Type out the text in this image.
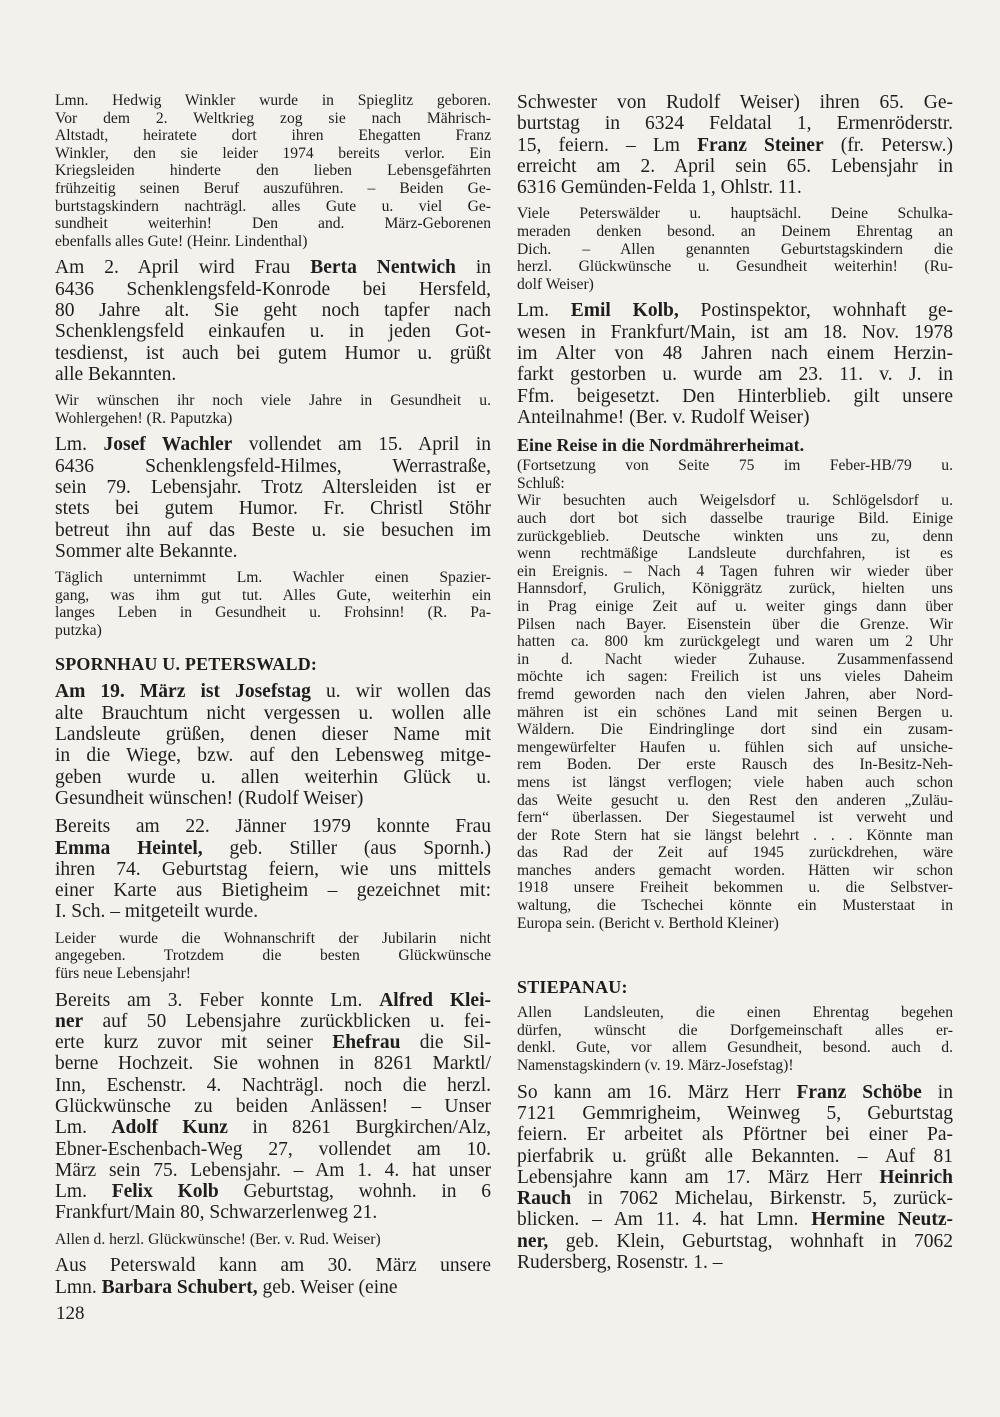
Lmn. Hedwig Winkler wurde in Spieglitz geboren.
Vor dem 2. Weltkrieg zog sie nach Mährisch-
Altstadt, heiratete dort ihren Ehegatten Franz
Winkler, den sie leider 1974 bereits verlor. Ein
Kriegsleiden hinderte den lieben Lebensgefährten
frühzeitig seinen Beruf auszuführen. – Beiden Ge-
burtstagskindern nachträgl. alles Gute u. viel Ge-
sundheit weiterhin! Den and. März-Geborenen
ebenfalls alles Gute! (Heinr. Lindenthal)
Am 2. April wird Frau Berta Nentwich in
6436 Schenklengsfeld-Konrode bei Hersfeld,
80 Jahre alt. Sie geht noch tapfer nach
Schenklengsfeld einkaufen u. in jeden Got-
tesdienst, ist auch bei gutem Humor u. grüßt
alle Bekannten.
Wir wünschen ihr noch viele Jahre in Gesundheit u.
Wohlergehen! (R. Paputzka)
Lm. Josef Wachler vollendet am 15. April in
6436 Schenklengsfeld-Hilmes, Werrastraße,
sein 79. Lebensjahr. Trotz Altersleiden ist er
stets bei gutem Humor. Fr. Christl Stöhr
betreut ihn auf das Beste u. sie besuchen im
Sommer alte Bekannte.
Täglich unternimmt Lm. Wachler einen Spazier-
gang, was ihm gut tut. Alles Gute, weiterhin ein
langes Leben in Gesundheit u. Frohsinn! (R. Pa-
putzka)
SPORNHAU U. PETERSWALD:
Am 19. März ist Josefstag u. wir wollen das
alte Brauchtum nicht vergessen u. wollen alle
Landsleute grüßen, denen dieser Name mit
in die Wiege, bzw. auf den Lebensweg mitge-
geben wurde u. allen weiterhin Glück u.
Gesundheit wünschen! (Rudolf Weiser)
Bereits am 22. Jänner 1979 konnte Frau
Emma Heintel, geb. Stiller (aus Spornh.)
ihren 74. Geburtstag feiern, wie uns mittels
einer Karte aus Bietigheim – gezeichnet mit:
I. Sch. – mitgeteilt wurde.
Leider wurde die Wohnanschrift der Jubilarin nicht
angegeben. Trotzdem die besten Glückwünsche
fürs neue Lebensjahr!
Bereits am 3. Feber konnte Lm. Alfred Klei-
ner auf 50 Lebensjahre zurückblicken u. fei-
erte kurz zuvor mit seiner Ehefrau die Sil-
berne Hochzeit. Sie wohnen in 8261 Marktl/
Inn, Eschenstr. 4. Nachträgl. noch die herzl.
Glückwünsche zu beiden Anlässen! – Unser
Lm. Adolf Kunz in 8261 Burgkirchen/Alz,
Ebner-Eschenbach-Weg 27, vollendet am 10.
März sein 75. Lebensjahr. – Am 1. 4. hat unser
Lm. Felix Kolb Geburtstag, wohnh. in 6
Frankfurt/Main 80, Schwarzerlenweg 21.
Allen d. herzl. Glückwünsche! (Ber. v. Rud. Weiser)
Aus Peterswald kann am 30. März unsere
Lmn. Barbara Schubert, geb. Weiser (eine
Schwester von Rudolf Weiser) ihren 65. Ge-
burtstag in 6324 Feldatal 1, Ermenröderstr.
15, feiern. – Lm Franz Steiner (fr. Petersw.)
erreicht am 2. April sein 65. Lebensjahr in
6316 Gemünden-Felda 1, Ohlstr. 11.
Viele Peterswälder u. hauptsächl. Deine Schulka-
meraden denken besond. an Deinem Ehrentag an
Dich. – Allen genannten Geburtstagskindern die
herzl. Glückwünsche u. Gesundheit weiterhin! (Ru-
dolf Weiser)
Lm. Emil Kolb, Postinspektor, wohnhaft ge-
wesen in Frankfurt/Main, ist am 18. Nov. 1978
im Alter von 48 Jahren nach einem Herzin-
farkt gestorben u. wurde am 23. 11. v. J. in
Ffm. beigesetzt. Den Hinterblieb. gilt unsere
Anteilnahme! (Ber. v. Rudolf Weiser)
Eine Reise in die Nordmährerheimat.
(Fortsetzung von Seite 75 im Feber-HB/79 u.
Schluß:
Wir besuchten auch Weigelsdorf u. Schlögelsdorf u.
auch dort bot sich dasselbe traurige Bild. Einige
zurückgeblieb. Deutsche winkten uns zu, denn
wenn rechtmäßige Landsleute durchfahren, ist es
ein Ereignis. – Nach 4 Tagen fuhren wir wieder über
Hannsdorf, Grulich, Königgrätz zurück, hielten uns
in Prag einige Zeit auf u. weiter gings dann über
Pilsen nach Bayer. Eisenstein über die Grenze. Wir
hatten ca. 800 km zurückgelegt und waren um 2 Uhr
in d. Nacht wieder Zuhause. Zusammenfassend
möchte ich sagen: Freilich ist uns vieles Daheim
fremd geworden nach den vielen Jahren, aber Nord-
mähren ist ein schönes Land mit seinen Bergen u.
Wäldern. Die Eindringlinge dort sind ein zusam-
mengewürfelter Haufen u. fühlen sich auf unsiche-
rem Boden. Der erste Rausch des In-Besitz-Neh-
mens ist längst verflogen; viele haben auch schon
das Weite gesucht u. den Rest den anderen „Zuläu-
fern“ überlassen. Der Siegestaumel ist verweht und
der Rote Stern hat sie längst belehrt . . . Könnte man
das Rad der Zeit auf 1945 zurückdrehen, wäre
manches anders gemacht worden. Hätten wir schon
1918 unsere Freiheit bekommen u. die Selbstver-
waltung, die Tschechei könnte ein Musterstaat in
Europa sein. (Bericht v. Berthold Kleiner)
STIEPANAU:
Allen Landsleuten, die einen Ehrentag begehen
dürfen, wünscht die Dorfgemeinschaft alles er-
denkl. Gute, vor allem Gesundheit, besond. auch d.
Namenstagskindern (v. 19. März-Josefstag)!
So kann am 16. März Herr Franz Schöbe in
7121 Gemmrigheim, Weinweg 5, Geburtstag
feiern. Er arbeitet als Pförtner bei einer Pa-
pierfabrik u. grüßt alle Bekannten. – Auf 81
Lebensjahre kann am 17. März Herr Heinrich
Rauch in 7062 Michelau, Birkenstr. 5, zurück-
blicken. – Am 11. 4. hat Lmn. Hermine Neutz-
ner, geb. Klein, Geburtstag, wohnhaft in 7062
Rudersberg, Rosenstr. 1. –
128
